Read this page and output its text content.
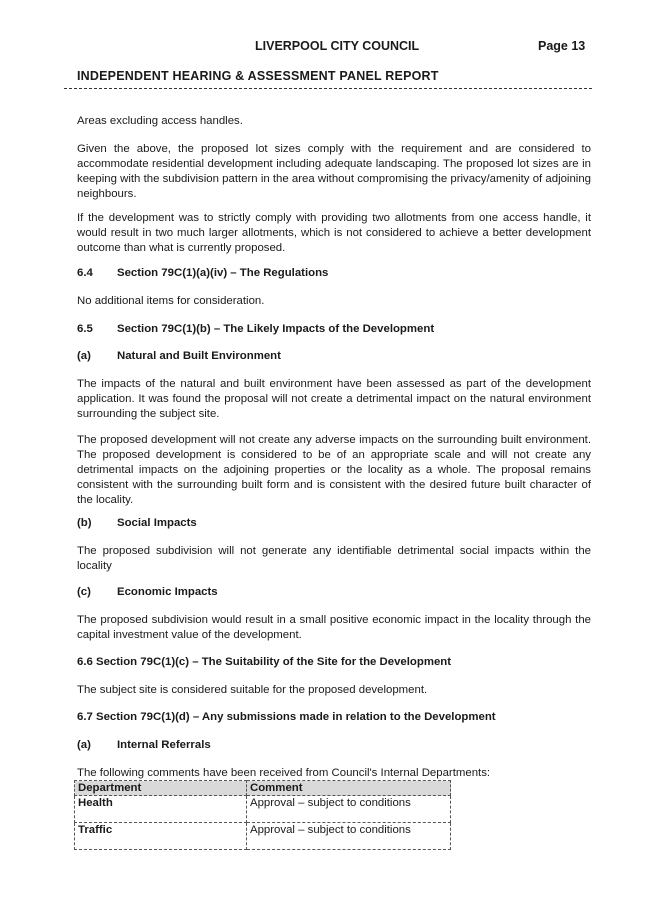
LIVERPOOL CITY COUNCIL	Page 13
INDEPENDENT HEARING & ASSESSMENT PANEL REPORT
Areas excluding access handles.
Given the above, the proposed lot sizes comply with the requirement and are considered to accommodate residential development including adequate landscaping. The proposed lot sizes are in keeping with the subdivision pattern in the area without compromising the privacy/amenity of adjoining neighbours.
If the development was to strictly comply with providing two allotments from one access handle, it would result in two much larger allotments, which is not considered to achieve a better development outcome than what is currently proposed.
6.4 Section 79C(1)(a)(iv) – The Regulations
No additional items for consideration.
6.5 Section 79C(1)(b) – The Likely Impacts of the Development
(a) Natural and Built Environment
The impacts of the natural and built environment have been assessed as part of the development application. It was found the proposal will not create a detrimental impact on the natural environment surrounding the subject site.
The proposed development will not create any adverse impacts on the surrounding built environment. The proposed development is considered to be of an appropriate scale and will not create any detrimental impacts on the adjoining properties or the locality as a whole. The proposal remains consistent with the surrounding built form and is consistent with the desired future built character of the locality.
(b) Social Impacts
The proposed subdivision will not generate any identifiable detrimental social impacts within the locality
(c) Economic Impacts
The proposed subdivision would result in a small positive economic impact in the locality through the capital investment value of the development.
6.6 Section 79C(1)(c) – The Suitability of the Site for the Development
The subject site is considered suitable for the proposed development.
6.7 Section 79C(1)(d) – Any submissions made in relation to the Development
(a) Internal Referrals
The following comments have been received from Council's Internal Departments:
Department	Comment
Health	Approval – subject to conditions
Traffic	Approval – subject to conditions
